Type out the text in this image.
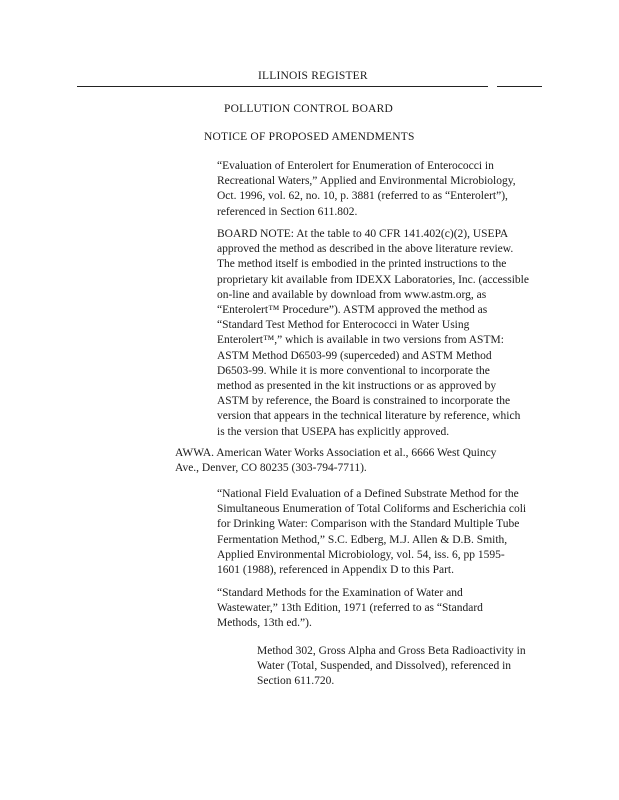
ILLINOIS REGISTER
POLLUTION CONTROL BOARD
NOTICE OF PROPOSED AMENDMENTS

“Evaluation of Enterolert for Enumeration of Enterococci in

Recreational Waters,” Applied and Environmental Microbiology,

Oct. 1996, vol. 62, no. 10, p. 3881 (referred to as “Enterolert”),

referenced in Section 611.802.

BOARD NOTE: At the table to 40 CFR 141.402(c)(2), USEPA

approved the method as described in the above literature review.

The method itself is embodied in the printed instructions to the

proprietary kit available from IDEXX Laboratories, Inc. (accessible

on-line and available by download from www.astm.org, as

“Enterolert™ Procedure”). ASTM approved the method as

“Standard Test Method for Enterococci in Water Using

Enterolert™,” which is available in two versions from ASTM:

ASTM Method D6503-99 (superceded) and ASTM Method

D6503-99. While it is more conventional to incorporate the

method as presented in the kit instructions or as approved by

ASTM by reference, the Board is constrained to incorporate the

version that appears in the technical literature by reference, which

is the version that USEPA has explicitly approved.

AWWA. American Water Works Association et al., 6666 West Quincy

Ave., Denver, CO 80235 (303-794-7711).

“National Field Evaluation of a Defined Substrate Method for the

Simultaneous Enumeration of Total Coliforms and Escherichia coli

for Drinking Water: Comparison with the Standard Multiple Tube

Fermentation Method,” S.C. Edberg, M.J. Allen & D.B. Smith,

Applied Environmental Microbiology, vol. 54, iss. 6, pp 1595-

1601 (1988), referenced in Appendix D to this Part.

“Standard Methods for the Examination of Water and

Wastewater,” 13th Edition, 1971 (referred to as “Standard

Methods, 13th ed.”).

Method 302, Gross Alpha and Gross Beta Radioactivity in

Water (Total, Suspended, and Dissolved), referenced in

Section 611.720.
